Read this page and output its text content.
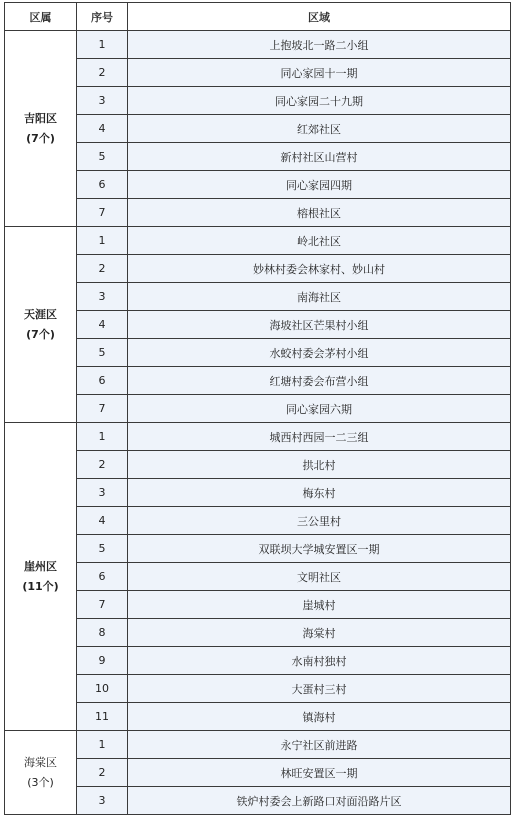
区属	序号	区域

吉阳区
(7个)	1	上抱坡北一路二小组
	2	同心家园十一期
	3	同心家园二十九期
	4	红郊社区
	5	新村社区山营村
	6	同心家园四期
	7	榕根社区

天涯区
(7个)	1	岭北社区
	2	妙林村委会林家村、妙山村
	3	南海社区
	4	海坡社区芒果村小组
	5	水蛟村委会茅村小组
	6	红塘村委会布营小组
	7	同心家园六期

崖州区
(11个)	1	城西村西园一二三组
	2	拱北村
	3	梅东村
	4	三公里村
	5	双联坝大学城安置区一期
	6	文明社区
	7	崖城村
	8	海棠村
	9	水南村独村
	10	大蛋村三村
	11	镇海村

海棠区
(3个)	1	永宁社区前进路
	2	林旺安置区一期
	3	铁炉村委会上新路口对面沿路片区
